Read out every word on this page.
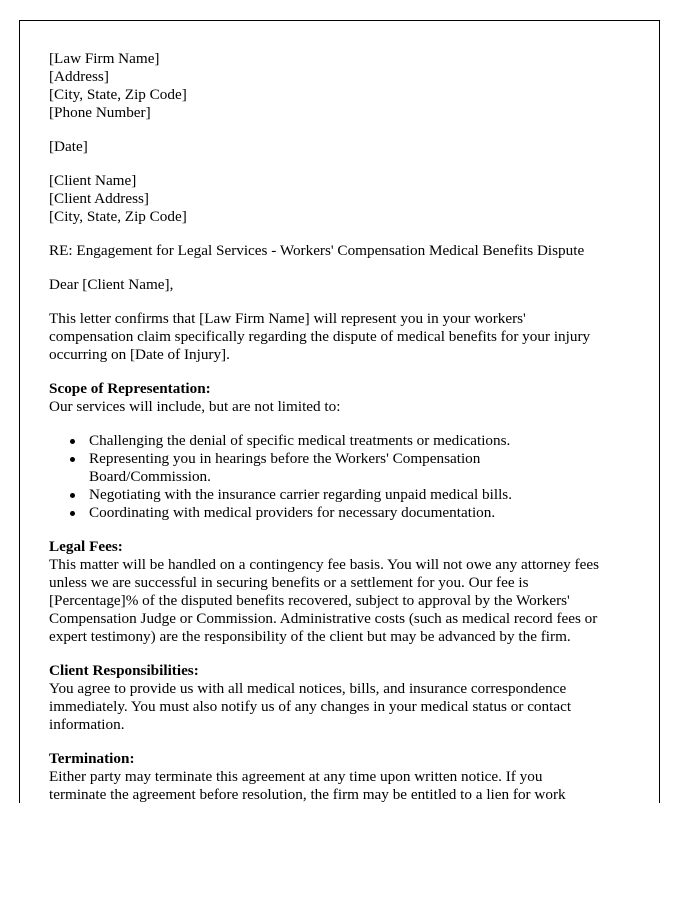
[Law Firm Name]
[Address]
[City, State, Zip Code]
[Phone Number]
[Date]
[Client Name]
[Client Address]
[City, State, Zip Code]
RE: Engagement for Legal Services - Workers' Compensation Medical Benefits Dispute
Dear [Client Name],
This letter confirms that [Law Firm Name] will represent you in your workers'
compensation claim specifically regarding the dispute of medical benefits for your injury
occurring on [Date of Injury].
Scope of Representation:
Our services will include, but are not limited to:
Challenging the denial of specific medical treatments or medications.
Representing you in hearings before the Workers' Compensation
Board/Commission.
Negotiating with the insurance carrier regarding unpaid medical bills.
Coordinating with medical providers for necessary documentation.
Legal Fees:
This matter will be handled on a contingency fee basis. You will not owe any attorney fees
unless we are successful in securing benefits or a settlement for you. Our fee is
[Percentage]% of the disputed benefits recovered, subject to approval by the Workers'
Compensation Judge or Commission. Administrative costs (such as medical record fees or
expert testimony) are the responsibility of the client but may be advanced by the firm.
Client Responsibilities:
You agree to provide us with all medical notices, bills, and insurance correspondence
immediately. You must also notify us of any changes in your medical status or contact
information.
Termination:
Either party may terminate this agreement at any time upon written notice. If you
terminate the agreement before resolution, the firm may be entitled to a lien for work
